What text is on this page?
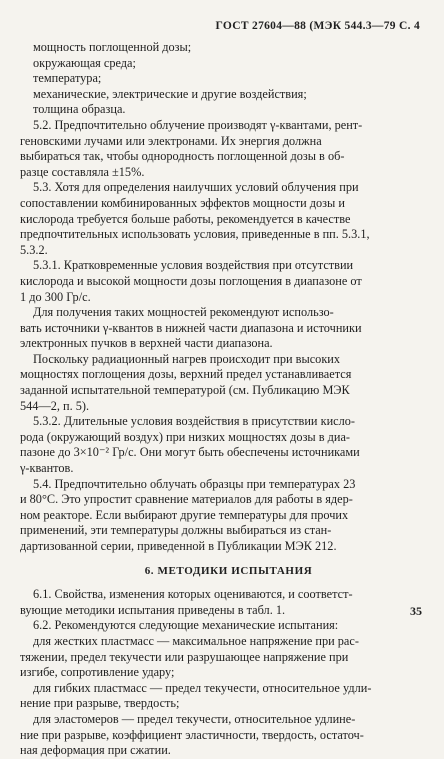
ГОСТ 27604—88 (МЭК 544.3—79 С. 4
мощность поглощенной дозы;
окружающая среда;
температура;
механические, электрические и другие воздействия;
толщина образца.
5.2. Предпочтительно облучение производят γ-квантами, рент-
геновскими лучами или электронами. Их энергия должна
выбираться так, чтобы однородность поглощенной дозы в об-
разце составляла ±15%.
5.3. Хотя для определения наилучших условий облучения при
сопоставлении комбинированных эффектов мощности дозы и
кислорода требуется больше работы, рекомендуется в качестве
предпочтительных использовать условия, приведенные в пп. 5.3.1,
5.3.2.
5.3.1. Кратковременные условия воздействия при отсутствии
кислорода и высокой мощности дозы поглощения в диапазоне от
1 до 300 Гр/с.
Для получения таких мощностей рекомендуют использо-
вать источники γ-квантов в нижней части диапазона и источники
электронных пучков в верхней части диапазона.
Поскольку радиационный нагрев происходит при высоких
мощностях поглощения дозы, верхний предел устанавливается
заданной испытательной температурой (см. Публикацию МЭК
544—2, п. 5).
5.3.2. Длительные условия воздействия в присутствии кисло-
рода (окружающий воздух) при низких мощностях дозы в диа-
пазоне до 3×10⁻² Гр/с. Они могут быть обеспечены источниками
γ-квантов.
5.4. Предпочтительно облучать образцы при температурах 23
и 80°С. Это упростит сравнение материалов для работы в ядер-
ном реакторе. Если выбирают другие температуры для прочих
применений, эти температуры должны выбираться из стан-
дартизованной серии, приведенной в Публикации МЭК 212.
6. МЕТОДИКИ ИСПЫТАНИЯ
6.1. Свойства, изменения которых оцениваются, и соответст-
вующие методики испытания приведены в табл. 1.
6.2. Рекомендуются следующие механические испытания:
для жестких пластмасс — максимальное напряжение при рас-
тяжении, предел текучести или разрушающее напряжение при
изгибе, сопротивление удару;
для гибких пластмасс — предел текучести, относительное удли-
нение при разрыве, твердость;
для эластомеров — предел текучести, относительное удлине-
ние при разрыве, коэффициент эластичности, твердость, остаточ-
ная деформация при сжатии.
35
